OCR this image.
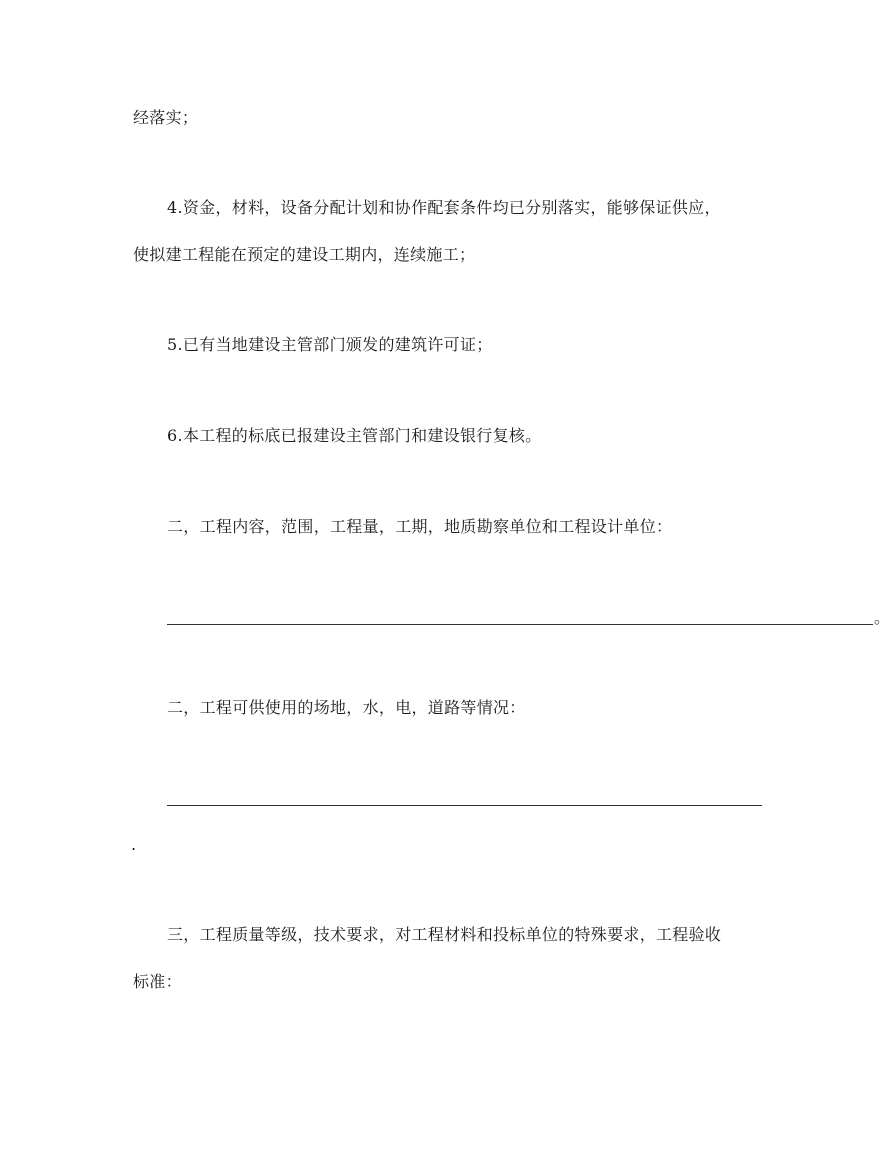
经落实；
4.资金，材料，设备分配计划和协作配套条件均已分别落实，能够保证供应，
使拟建工程能在预定的建设工期内，连续施工；
5.已有当地建设主管部门颁发的建筑许可证；
6.本工程的标底已报建设主管部门和建设银行复核。
二，工程内容，范围，工程量，工期，地质勘察单位和工程设计单位：
。
二，工程可供使用的场地，水，电，道路等情况：
.
三，工程质量等级，技术要求，对工程材料和投标单位的特殊要求，工程验收
标准：
